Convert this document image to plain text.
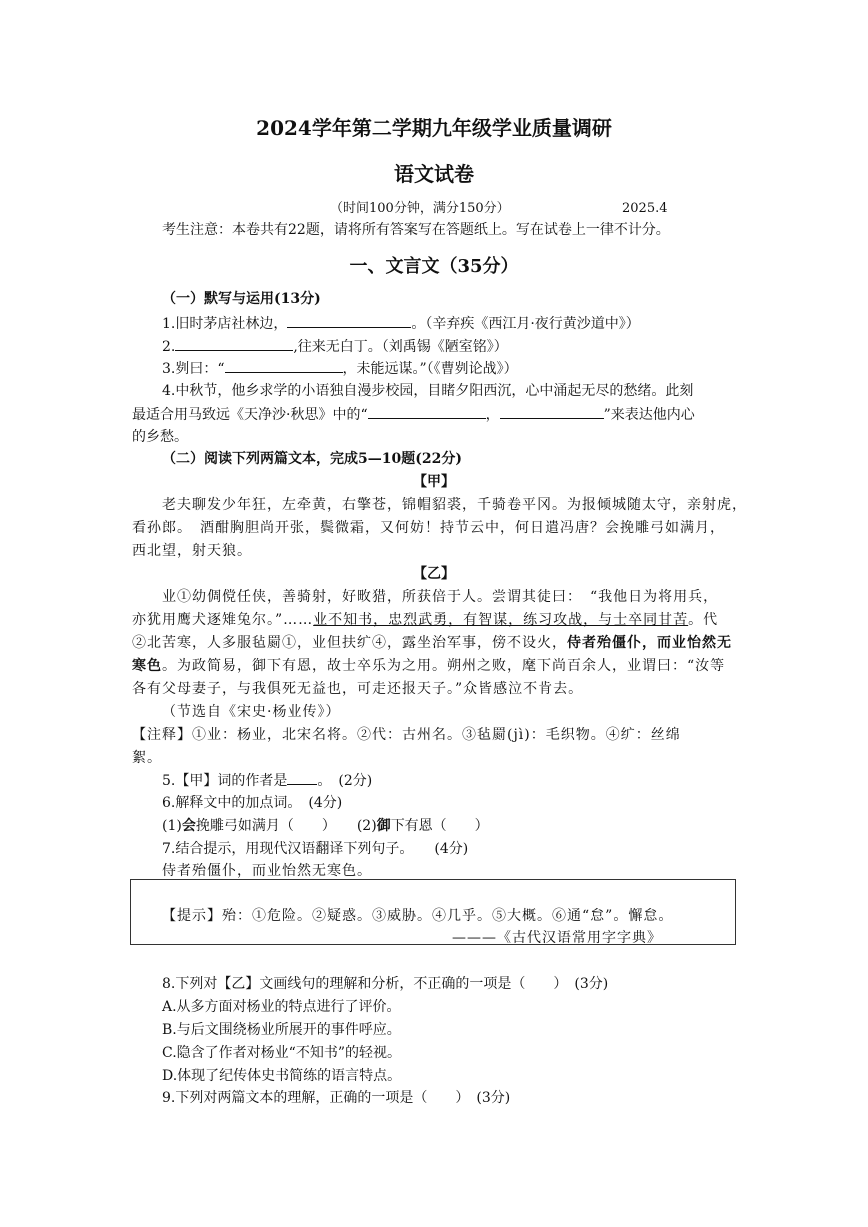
2024学年第二学期九年级学业质量调研
语文试卷
（时间100分钟，满分150分）	2025.4
考生注意：本卷共有22题，请将所有答案写在答题纸上。写在试卷上一律不计分。
一、文言文（35分）
（一）默写与运用(13分)
1.旧时茅店社林边，	。（辛弃疾《西江月·夜行黄沙道中》）
2.	,往来无白丁。（刘禹锡《陋室铭》）
3.刿曰：“	，未能远谋。”（《曹刿论战》）
4.中秋节，他乡求学的小语独自漫步校园，目睹夕阳西沉，心中涌起无尽的愁绪。此刻
最适合用马致远《天净沙·秋思》中的“	，	”来表达他内心
的乡愁。
（二）阅读下列两篇文本，完成5—10题(22分)
【甲】
老夫聊发少年狂，左牵黄，右擎苍，锦帽貂裘，千骑卷平冈。为报倾城随太守，亲射虎，
看孙郎。　酒酣胸胆尚开张，鬓微霜，又何妨！持节云中，何日遣冯唐？会挽雕弓如满月，
西北望，射天狼。
【乙】
业①幼倜傥任侠，善骑射，好畋猎，所获倍于人。尝谓其徒曰：　“我他日为将用兵，
亦犹用鹰犬逐雉兔尔。”……业不知书，忠烈武勇，有智谋，练习攻战，与士卒同甘苦。代
②北苦寒，人多服毡罽①，业但扶纩④，露坐治军事，傍不设火，侍者殆僵仆，而业怡然无
寒色。为政简易，御下有恩，故士卒乐为之用。朔州之败，麾下尚百余人，业谓曰：“汝等
各有父母妻子，与我俱死无益也，可走还报天子。”众皆感泣不肯去。
（节选自《宋史·杨业传》）
【注释】①业：杨业，北宋名将。②代：古州名。③毡罽(jì)：毛织物。④纩：丝绵
絮。
5.【甲】词的作者是 。　(2分)
6.解释文中的加点词。　(4分)
(1)会挽雕弓如满月（　　）　　(2)御下有恩（　　）
7.结合提示，用现代汉语翻译下列句子。　　(4分)
侍者殆僵仆，而业怡然无寒色。
【提示】殆：①危险。②疑惑。③威胁。④几乎。⑤大概。⑥通“怠”。懈怠。
———《古代汉语常用字字典》
8.下列对【乙】文画线句的理解和分析，不正确的一项是（　　）　(3分)
A.从多方面对杨业的特点进行了评价。
B.与后文围绕杨业所展开的事件呼应。
C.隐含了作者对杨业“不知书”的轻视。
D.体现了纪传体史书简练的语言特点。
9.下列对两篇文本的理解，正确的一项是（　　）　(3分)
